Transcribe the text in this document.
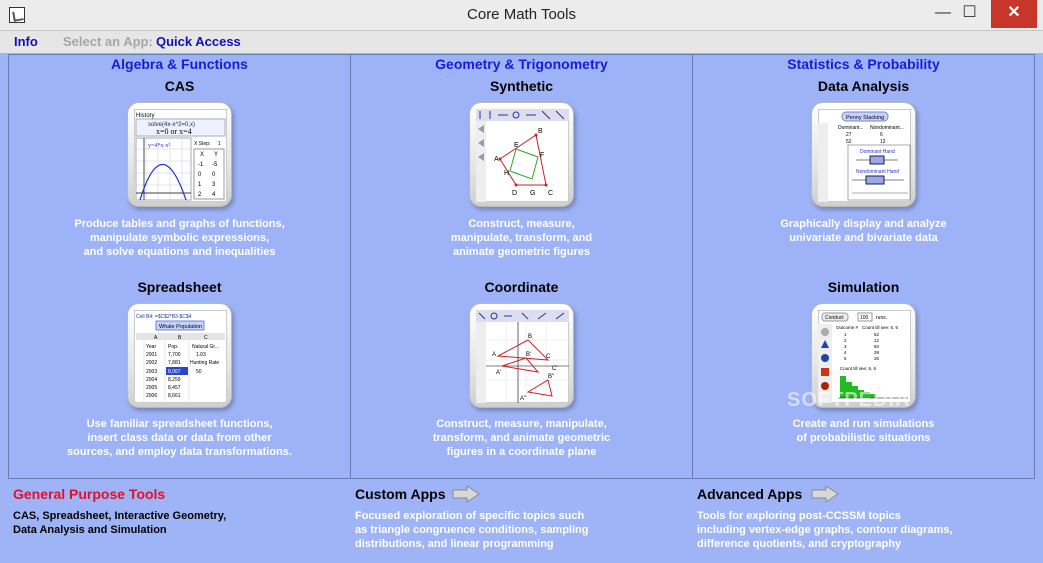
Core Math Tools	— ☐	✕
Info Select an App: Quick Access
Algebra & Functions
CAS
History
solve(4x-x^2=0,x)
x=0 or x=4
y=4*x-x²	X Step: 1
X Y
-1 -5
0 0
1 3
2 4
Produce tables and graphs of functions,
manipulate symbolic expressions,
and solve equations and inequalities
Spreadsheet
Cell B4: =$C$2*B3-$C$4
Whale Population
A	B	C
Year Pop.	Natural Gr...
2001 7,700	1.03
2002 7,881 Hunting Rate
2003 8,067	50
2004 8,259
2005 8,457
2006 8,661
Use familiar spreadsheet functions,
insert class data or data from other
sources, and employ data transformations.
Geometry & Trigonometry
Synthetic
B
E
F
A
H
D G C
Construct, measure,
manipulate, transform, and
animate geometric figures
Coordinate
B
A	C
C'
A'
B'
B"
A"
Construct, measure, manipulate,
transform, and animate geometric
figures in a coordinate plane
Statistics & Probability
Data Analysis
Penny Stacking
Dominant... Nondominant...
27	6
52	12
Dominant Hand
Nondominant Hand
Graphically display and analyze
univariate and bivariate data
Simulation
Conduct	100 runs.
Outcome # Count till see: 6, 6
1	52
2	12
3	60
4	39
5	26
Count till see: 6, 6
Create and run simulations
of probabilistic situations
SOFTPEDIA
General Purpose Tools
CAS, Spreadsheet, Interactive Geometry,
Data Analysis and Simulation
Custom Apps
Focused exploration of specific topics such
as triangle congruence conditions, sampling
distributions, and linear programming
Advanced Apps
Tools for exploring post-CCSSM topics
including vertex-edge graphs, contour diagrams,
difference quotients, and cryptography
